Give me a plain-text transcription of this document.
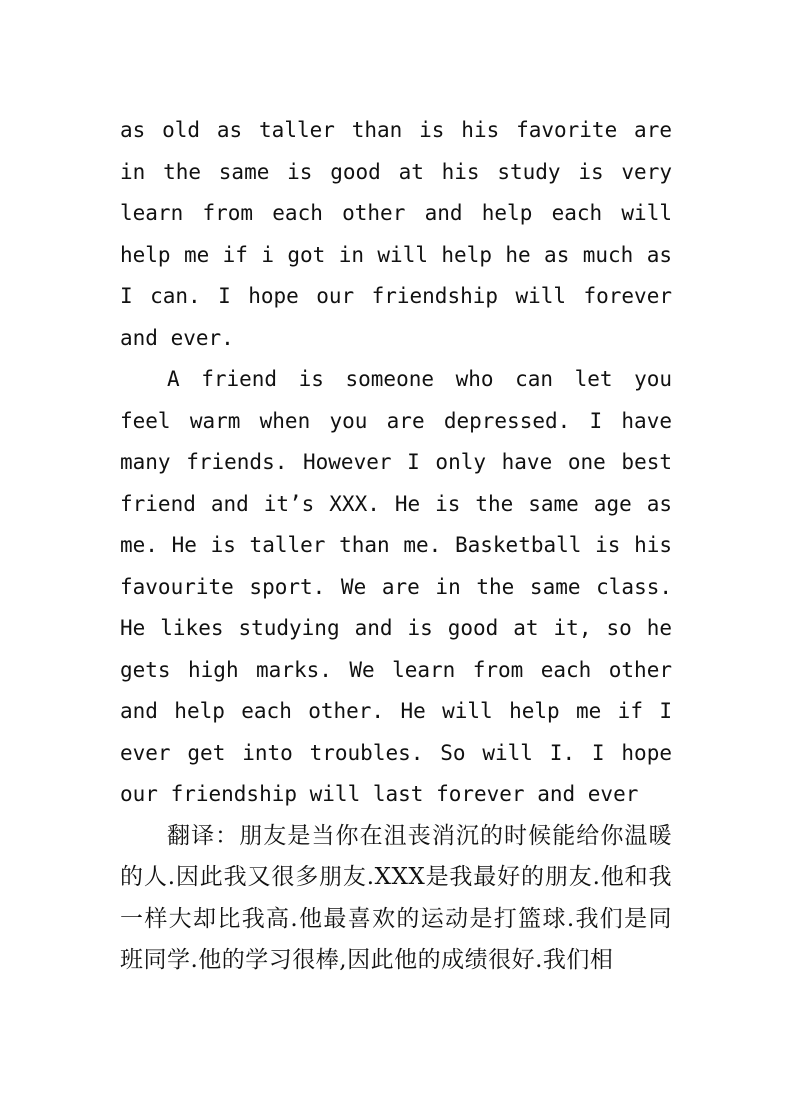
as old as taller than is his favorite are in the same is good at his study is very learn from each other and help each will help me if i got in will help he as much as I can. I hope our friendship will forever and ever.

A friend is someone who can let you feel warm when you are depressed. I have many friends. However I only have one best friend and it’s XXX. He is the same age as me. He is taller than me. Basketball is his favourite sport. We are in the same class. He likes studying and is good at it, so he gets high marks. We learn from each other and help each other. He will help me if I ever get into troubles. So will I. I hope our friendship will last forever and ever

翻译：朋友是当你在沮丧消沉的时候能给你温暖的人.因此我又很多朋友.XXX是我最好的朋友.他和我一样大却比我高.他最喜欢的运动是打篮球.我们是同班同学.他的学习很棒,因此他的成绩很好.我们相
